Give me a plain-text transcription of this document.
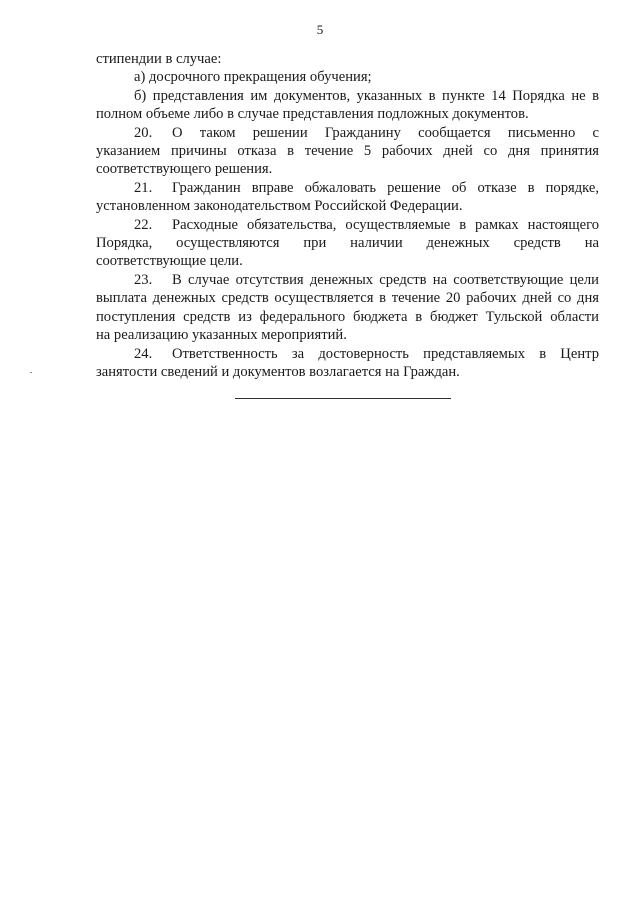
5
стипендии в случае:
а) досрочного прекращения обучения;
б) представления им документов, указанных в пункте 14 Порядка не в
полном объеме либо в случае представления подложных документов.
20. О таком решении Гражданину сообщается письменно с
указанием причины отказа в течение 5 рабочих дней со дня принятия
соответствующего решения.
21. Гражданин вправе обжаловать решение об отказе в порядке,
установленном законодательством Российской Федерации.
22. Расходные обязательства, осуществляемые в рамках настоящего
Порядка, осуществляются при наличии денежных средств на
соответствующие цели.
23. В случае отсутствия денежных средств на соответствующие цели
выплата денежных средств осуществляется в течение 20 рабочих дней со дня
поступления средств из федерального бюджета в бюджет Тульской области
на реализацию указанных мероприятий.
24. Ответственность за достоверность представляемых в Центр
занятости сведений и документов возлагается на Граждан.
